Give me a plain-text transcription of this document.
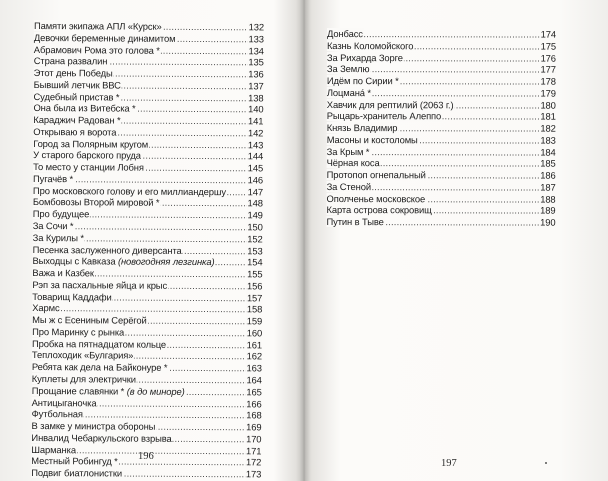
.....
Памяти экипажа АПЛ «Курск»	132
.....
Девочки беременные динамитом	133
.....
Абрамович Рома это голова *	134
.....
Страна развалин	135
.....
Этот день Победы	136
.....
Бывший летчик ВВС	137
.....
Судебный пристав *	138
.....
Она была из Витебска *	140
.....
Караджич Радован *	141
.....
Открываю я ворота	142
.....
Город за Полярным кругом	143
.....
У старого барского пруда	144
.....
То место у станции Лобня	145
.....
Пугачёв *	146
.....
Про московского голову и его миллиандершу 147
.....
Бомбовозы Второй мировой *	148
.....
Про будущее	149
.....
За Сочи *	150
.....
За Курилы *	152
.....
Песенка заслуженного диверсанта	153
.....
Выходцы с Кавказа (новогодняя лезгинка)	154
.....
Важа и Казбек	155
.....
Рэп за пасхальные яйца и крыс	156
.....
Товарищ Каддафи	157
.....
Хармс	158
.....
Мы ж с Есениным Серёгой	159
.....
Про Маринку с рынка	160
.....
Пробка на пятнадцатом кольце	161
.....
Теплоходик «Булгария»	162
.....
Ребята как дела на Байконуре *	163
.....
Куплеты для электрички	164
.....
Прощание славянки * (в до миноре)	165
.....
Антицыганочка	166
.....
Футбольная	168
.....
В замке у министра обороны	169
.....
Инвалид Чебаркульского взрыва	170
.....
Шарманка	171
.....
Местный Робингуд *	172
.....
Подвиг биатлонистки	173
.....
Донбасс	174
.....
Казнь Коломойского	175
.....
За Рихарда Зорге	176
.....
За Землю	177
.....
Идём по Сирии *	178
.....
Лоцманá *	179
.....
Хавчик для рептилий (2063 г.)	180
.....
Рыцарь-хранитель Алеппо	181
.....
Князь Владимир	182
.....
Масоны и костоломы	183
.....
За Крым *	184
.....
Чёрная коса	185
.....
Протопоп огнепальный	186
.....
За Стеной	187
.....
Ополченье московское	188
.....
Карта острова сокровищ	189
.....
Путин в Тыве	190
196
197
